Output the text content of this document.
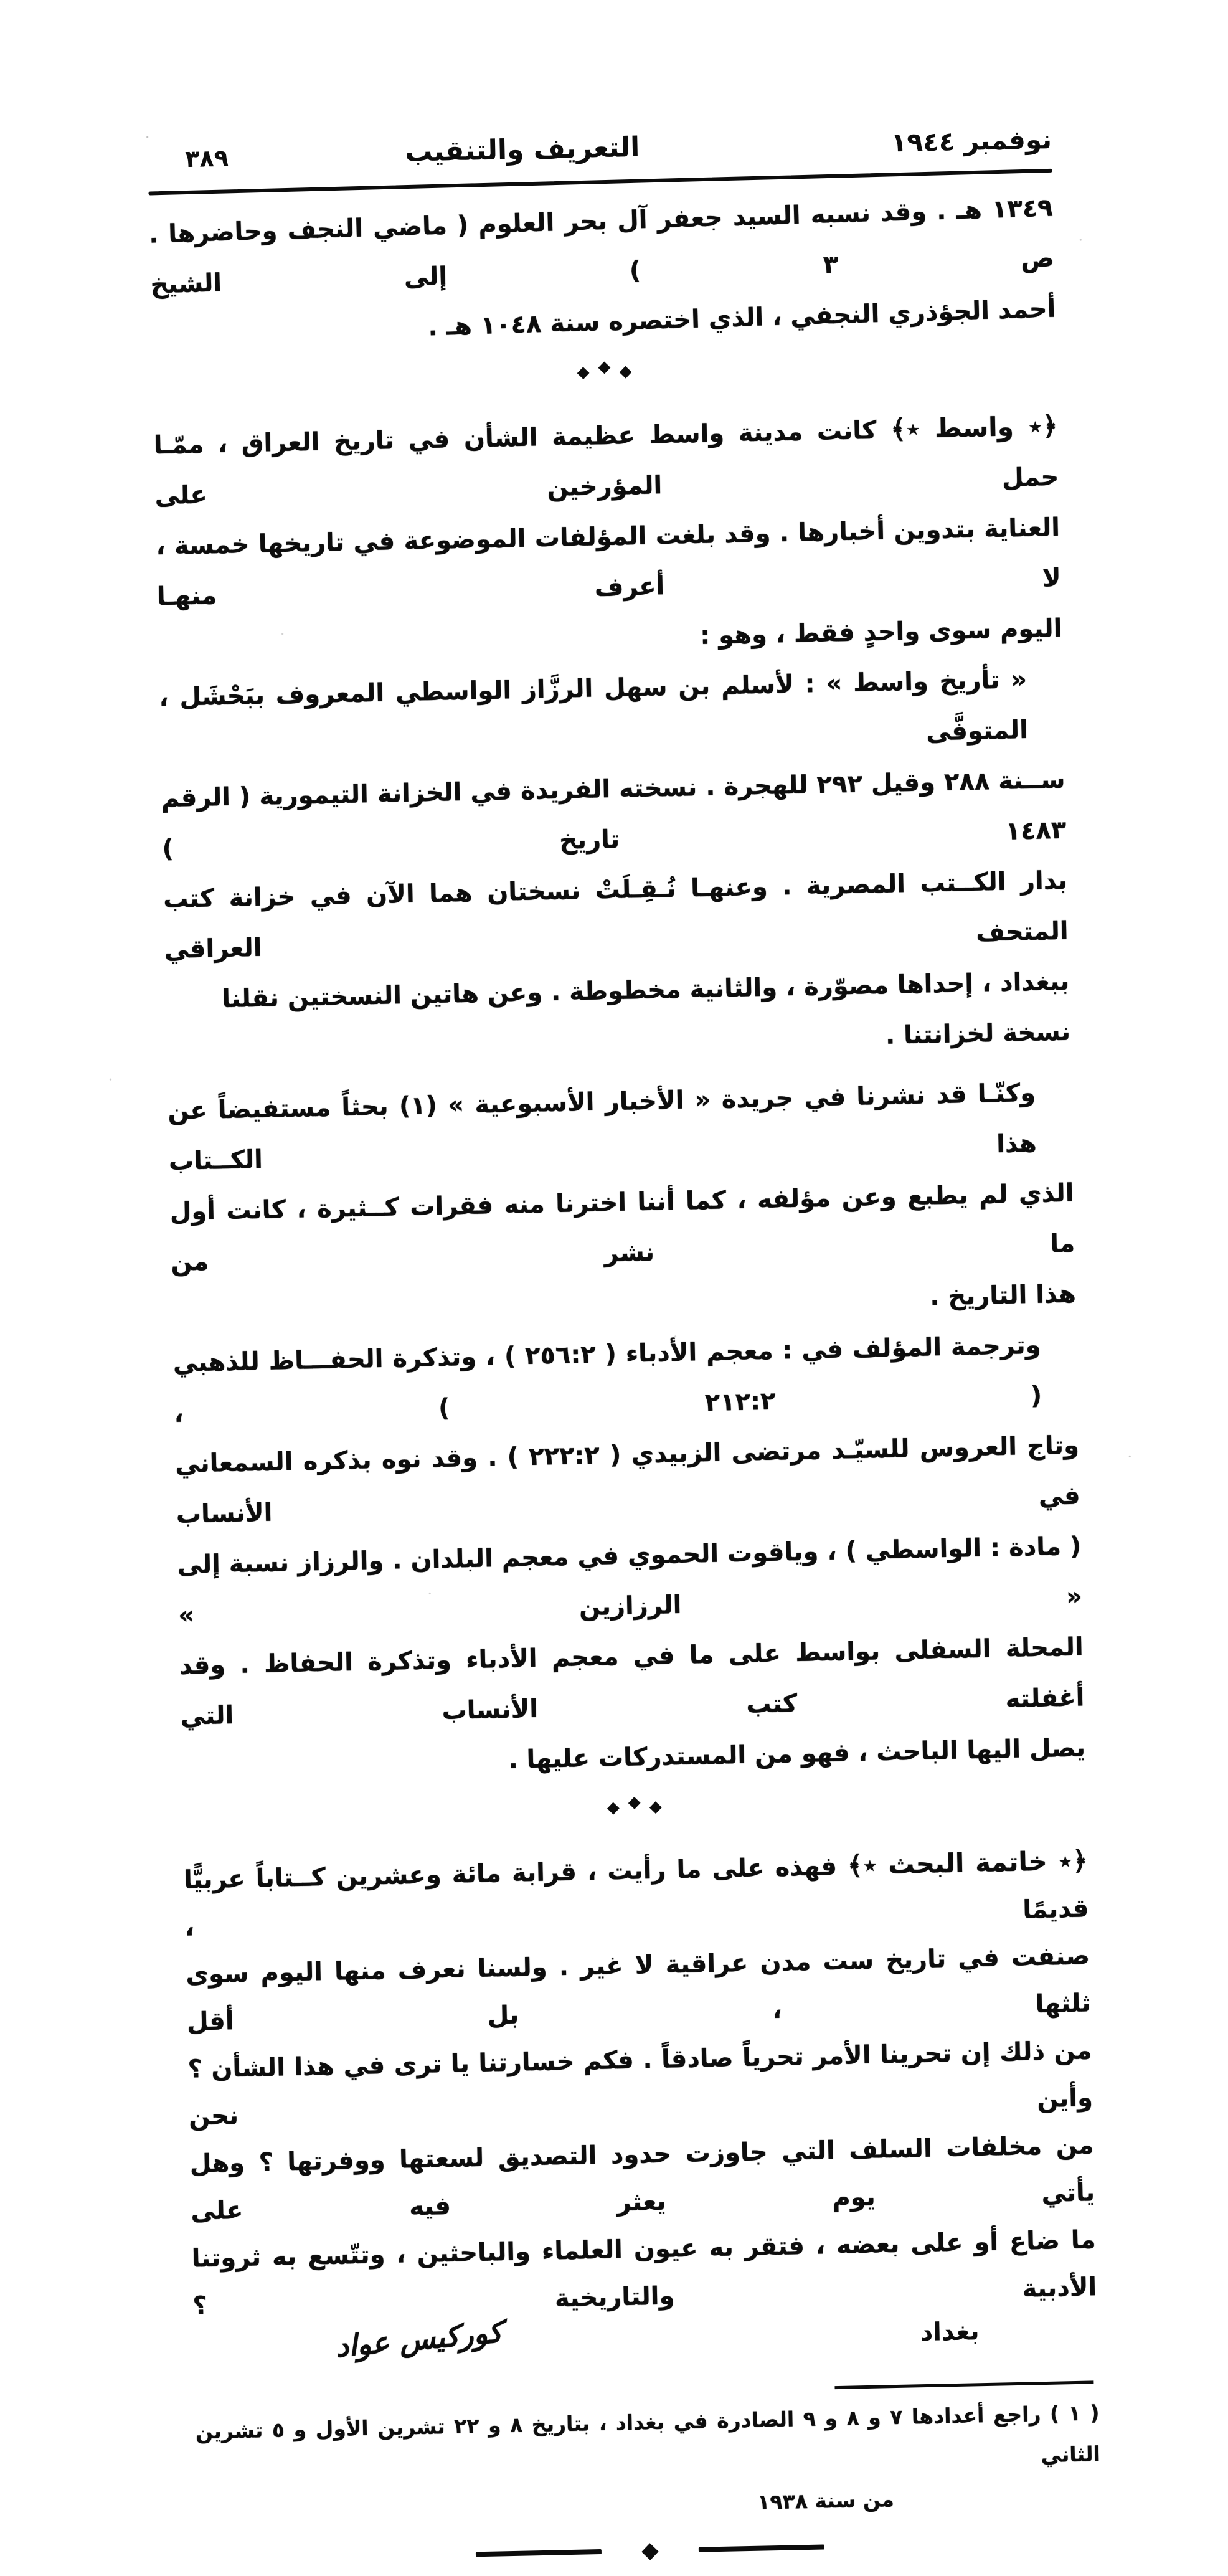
نوفمبر ١٩٤٤
التعريف والتنقيب
٣٨٩
١٣٤٩ هـ . وقد نسبه السيد جعفر آل بحر العلوم ( ماضي النجف وحاضرها . ص ٣ ) إلى الشيخ
أحمد الجؤذري النجفي ، الذي اختصره سنة ١٠٤٨ هـ .
◆◆◆
﴿٭ واسط ٭﴾ كانت مدينة واسط عظيمة الشأن في تاريخ العراق ، ممّـا حمل المؤرخين على
العناية بتدوين أخبارها . وقد بلغت المؤلفات الموضوعة في تاريخها خمسة ، لا أعرف منهـا
اليوم سوى واحدٍ فقط ، وهو :
« تأريخ واسط » : لأسلم بن سهل الرزَّاز الواسطي المعروف ببَحْشَل ، المتوفَّى
ســنة ٢٨٨ وقيل ٢٩٢ للهجرة . نسخته الفريدة في الخزانة التيمورية ( الرقم ١٤٨٣ تاريخ )
بدار الكــتب المصرية . وعنهـا نُـقِـلَتْ نسختان هما الآن في خزانة كتب المتحف العراقي
ببغداد ، إحداها مصوّرة ، والثانية مخطوطة . وعن هاتين النسختين نقلنا نسخة لخزانتنا .
وكنّـا قد نشرنا في جريدة « الأخبار الأسبوعية » (١) بحثاً مستفيضاً عن هذا الكــتاب
الذي لم يطبع وعن مؤلفه ، كما أننا اخترنا منه فقرات كــثيرة ، كانت أول ما نشر من
هذا التاريخ .
وترجمة المؤلف في : معجم الأدباء ( ٢٥٦:٢ ) ، وتذكرة الحفـــاظ للذهبي ( ٢١٢:٢ ) ،
وتاج العروس للسيّـد مرتضى الزبيدي ( ٢٢٢:٢ ) . وقد نوه بذكره السمعاني في الأنساب
( مادة : الواسطي ) ، وياقوت الحموي في معجم البلدان . والرزاز نسبة إلى « الرزازين »
المحلة السفلى بواسط على ما في معجم الأدباء وتذكرة الحفاظ . وقد أغفلته كتب الأنساب التي
يصل اليها الباحث ، فهو من المستدركات عليها .
◆◆◆
﴿٭ خاتمة البحث ٭﴾ فهذه على ما رأيت ، قرابة مائة وعشرين كــتاباً عربيًّا قديمًا ،
صنفت في تاريخ ست مدن عراقية لا غير . ولسنا نعرف منها اليوم سوى ثلثها ، بل أقل
من ذلك إن تحرينا الأمر تحرياً صادقاً . فكم خسارتنا يا ترى في هذا الشأن ؟ وأين نحن
من مخلفات السلف التي جاوزت حدود التصديق لسعتها ووفرتها ؟ وهل يأتي يوم يعثر فيه على
ما ضاع أو على بعضه ، فتقر به عيون العلماء والباحثين ، وتتّسع به ثروتنا الأدبية والتاريخية ؟
بغداد
كوركيس عواد
( ١ ) راجع أعدادها ٧ و ٨ و ٩ الصادرة في بغداد ، بتاريخ ٨ و ٢٢ تشرين الأول و ٥ تشرين الثاني
من سنة ١٩٣٨
◆
